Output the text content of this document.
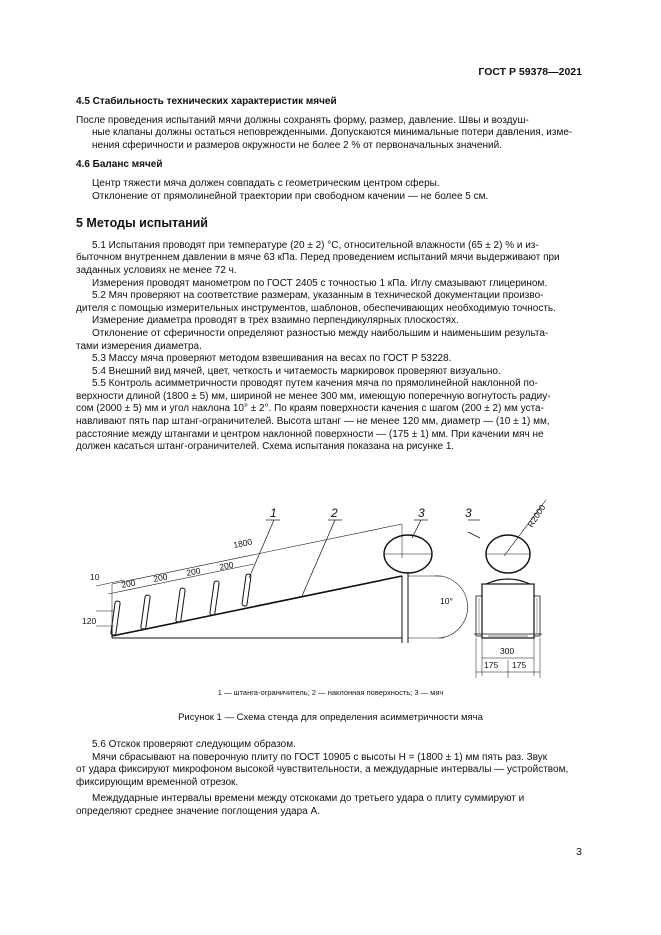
ГОСТ Р 59378—2021
4.5 Стабильность технических характеристик мячей
После проведения испытаний мячи должны сохранять форму, размер, давление. Швы и воздуш-
ные клапаны должны остаться неповрежденными. Допускаются минимальные потери давления, изме-
нения сферичности и размеров окружности не более 2 % от первоначальных значений.
4.6 Баланс мячей
Центр тяжести мяча должен совпадать с геометрическим центром сферы.
Отклонение от прямолинейной траектории при свободном качении — не более 5 см.
5 Методы испытаний
5.1 Испытания проводят при температуре (20 ± 2) °С, относительной влажности (65 ± 2) % и из-
быточном внутреннем давлении в мяче 63 кПа. Перед проведением испытаний мячи выдерживают при
заданных условиях не менее 72 ч.
Измерения проводят манометром по ГОСТ 2405 с точностью 1 кПа. Иглу смазывают глицерином.
5.2 Мяч проверяют на соответствие размерам, указанным в технической документации произво-
дителя с помощью измерительных инструментов, шаблонов, обеспечивающих необходимую точность.
Измерение диаметра проводят в трех взаимно перпендикулярных плоскостях.
Отклонение от сферичности определяют разностью между наибольшим и наименьшим результа-
тами измерения диаметра.
5.3 Массу мяча проверяют методом взвешивания на весах по ГОСТ Р 53228.
5.4 Внешний вид мячей, цвет, четкость и читаемость маркировок проверяют визуально.
5.5 Контроль асимметричности проводят путем качения мяча по прямолинейной наклонной по-
верхности длиной (1800 ± 5) мм, шириной не менее 300 мм, имеющую поперечную вогнутость радиу-
сом (2000 ± 5) мм и угол наклона 10° ± 2°. По краям поверхности качения с шагом (200 ± 2) мм уста-
навливают пять пар штанг-ограничителей. Высота штанг — не менее 120 мм, диаметр — (10 ± 1) мм,
расстояние между штангами и центром наклонной поверхности — (175 ± 1) мм. При качении мяч не
должен касаться штанг-ограничителей. Схема испытания показана на рисунке 1.
1	2	3	3
1800
10
200 200 200 200
120
10°
R2000
300
175 175
1 — штанга-ограничитель; 2 — наклонная поверхность; 3 — мяч
Рисунок 1 — Схема стенда для определения асимметричности мяча
5.6 Отскок проверяют следующим образом.
Мячи сбрасывают на поверочную плиту по ГОСТ 10905 с высоты H = (1800 ± 1) мм пять раз. Звук
от удара фиксируют микрофоном высокой чувствительности, а междударные интервалы — устройством,
фиксирующим временной отрезок.
Междударные интервалы времени между отскоками до третьего удара о плиту суммируют и
определяют среднее значение поглощения удара A.
3
